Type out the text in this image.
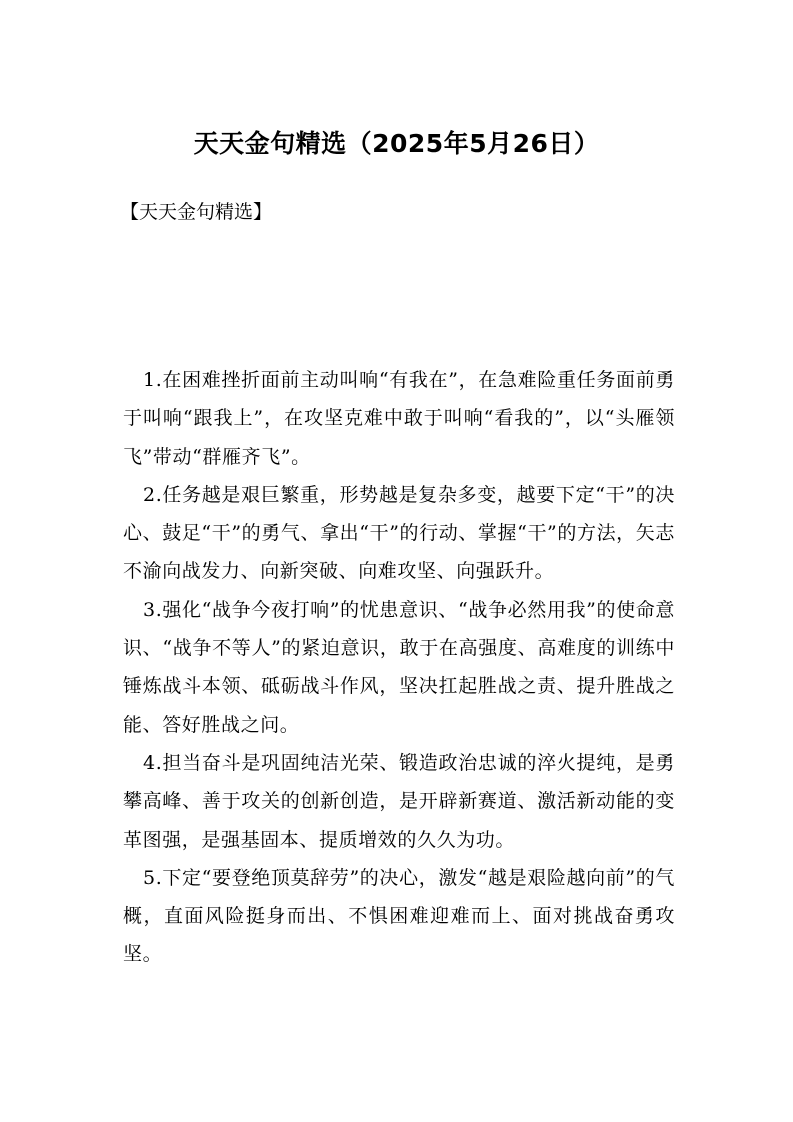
天天金句精选（2025年5月26日）
【天天金句精选】

1.在困难挫折面前主动叫响“有我在”，在急难险重任务面前勇于叫响“跟我上”，在攻坚克难中敢于叫响“看我的”，以“头雁领飞”带动“群雁齐飞”。

2.任务越是艰巨繁重，形势越是复杂多变，越要下定“干”的决心、鼓足“干”的勇气、拿出“干”的行动、掌握“干”的方法，矢志不渝向战发力、向新突破、向难攻坚、向强跃升。

3.强化“战争今夜打响”的忧患意识、“战争必然用我”的使命意识、“战争不等人”的紧迫意识，敢于在高强度、高难度的训练中锤炼战斗本领、砥砺战斗作风，坚决扛起胜战之责、提升胜战之能、答好胜战之问。

4.担当奋斗是巩固纯洁光荣、锻造政治忠诚的淬火提纯，是勇攀高峰、善于攻关的创新创造，是开辟新赛道、激活新动能的变革图强，是强基固本、提质增效的久久为功。

5.下定“要登绝顶莫辞劳”的决心，激发“越是艰险越向前”的气概，直面风险挺身而出、不惧困难迎难而上、面对挑战奋勇攻坚。
